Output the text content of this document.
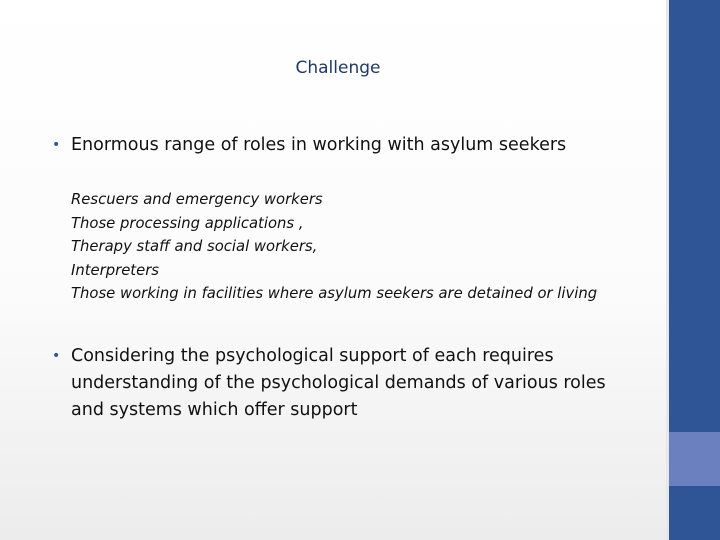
Challenge
• Enormous range of roles in working with asylum seekers
Rescuers and emergency workers
Those processing applications ,
Therapy staff and social workers,
Interpreters
Those working in facilities where asylum seekers are detained or living
• Considering the psychological support of each requires understanding of the psychological demands of various roles and systems which offer support
